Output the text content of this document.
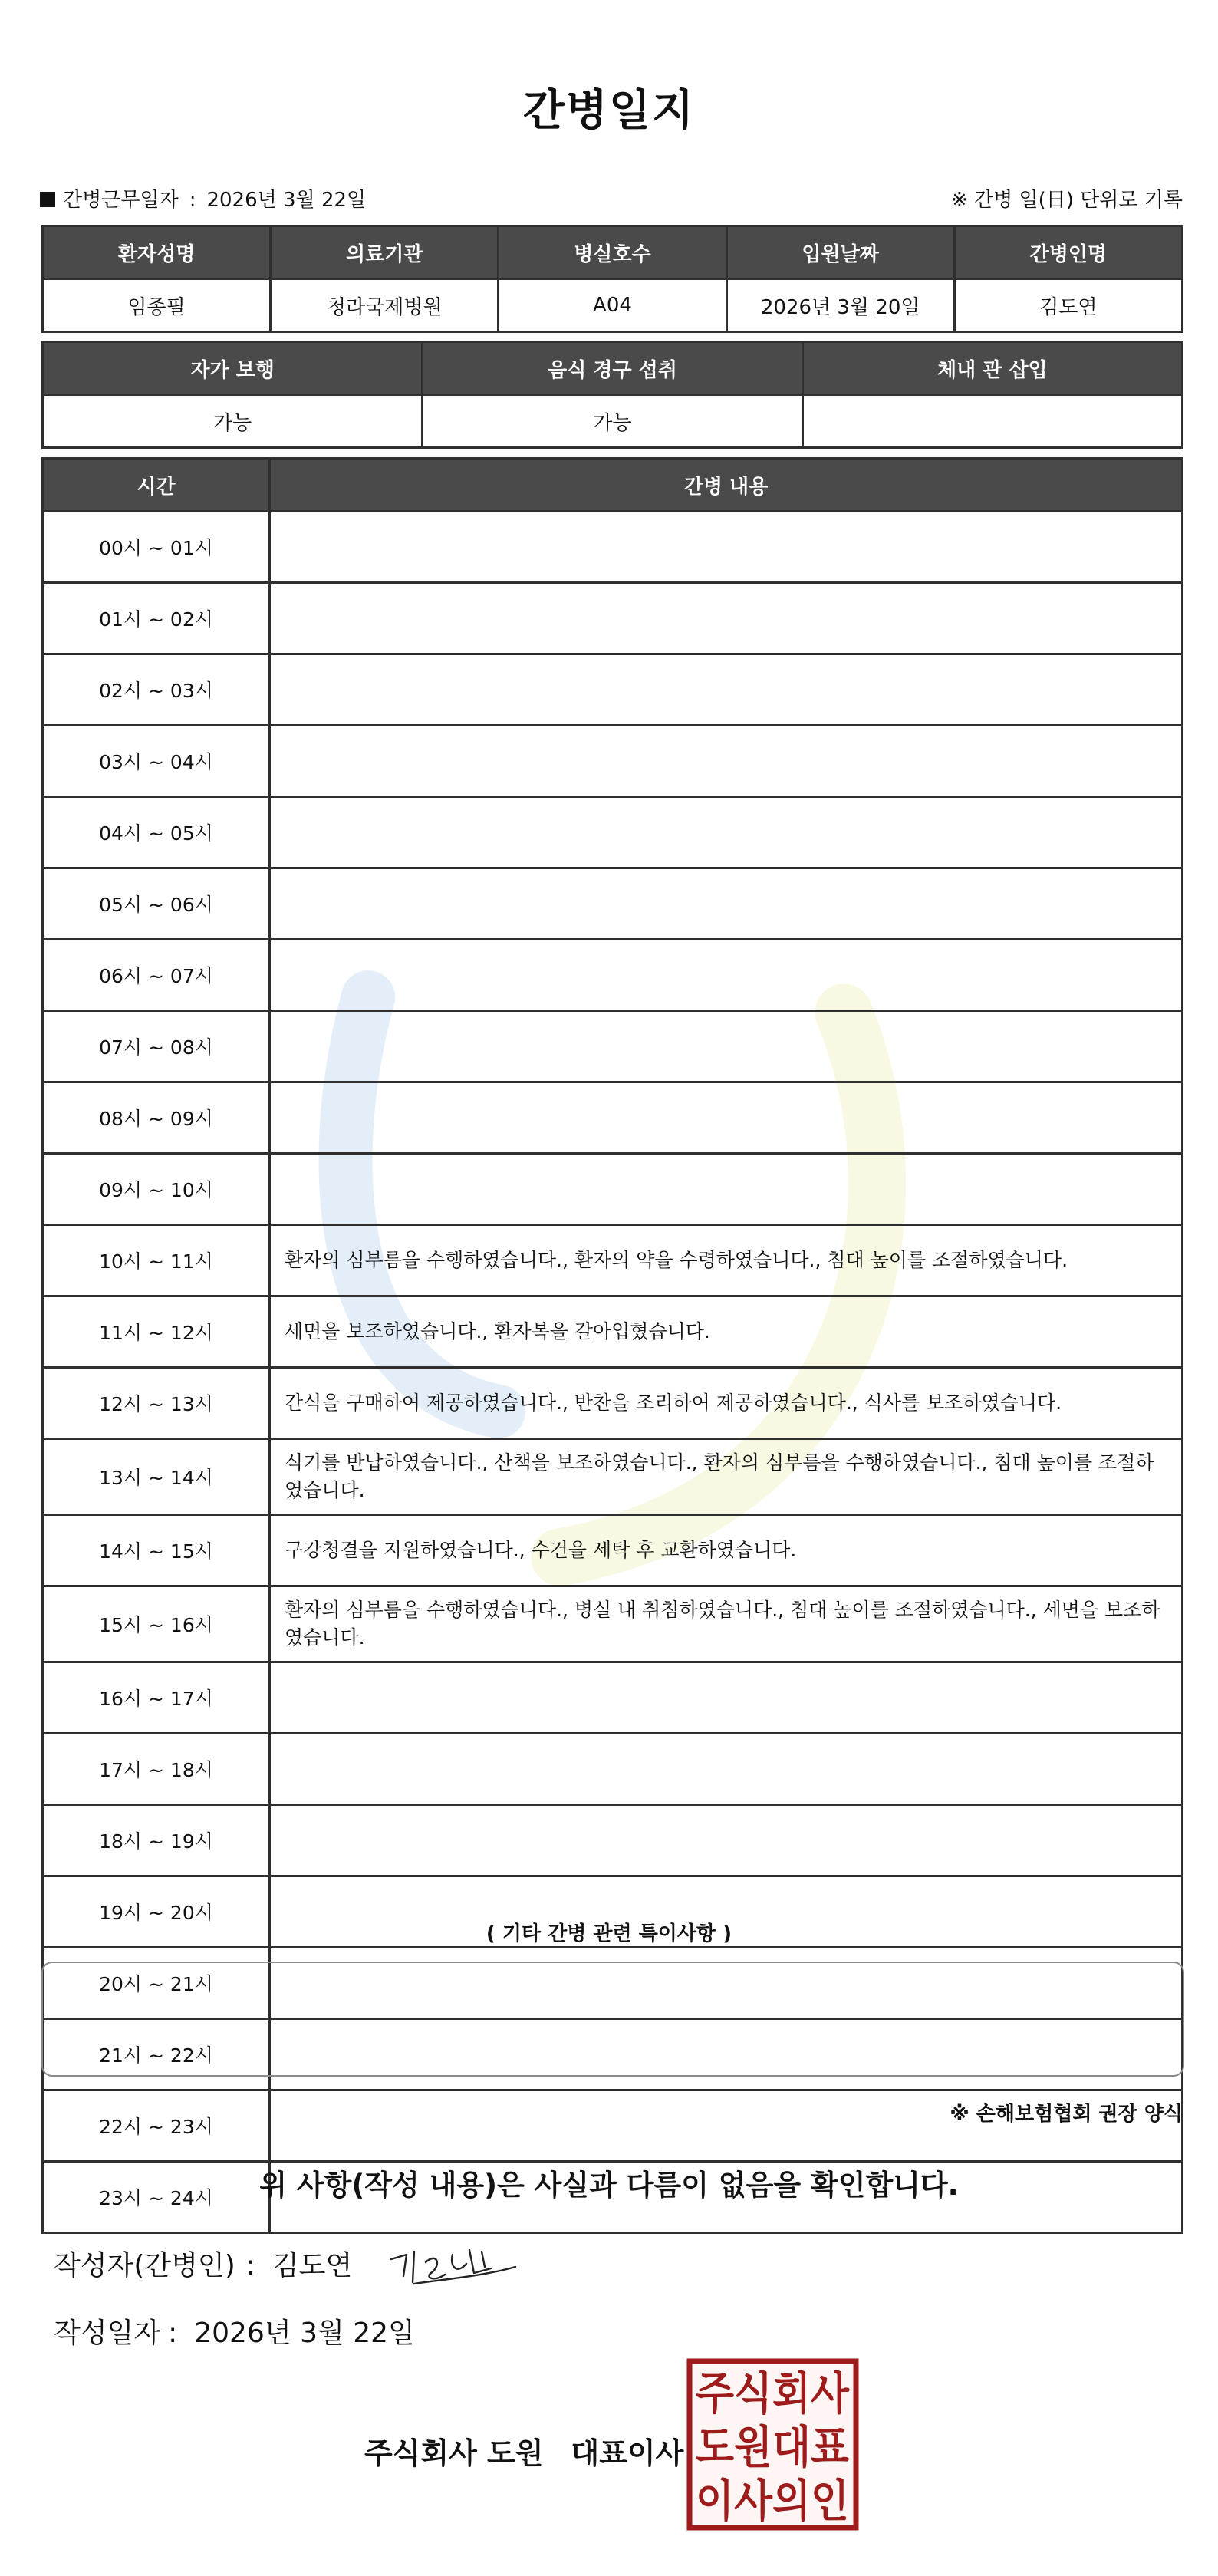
간병일지
간병근무일자 : 2026년 3월 22일	※ 간병 일(日) 단위로 기록
환자성명	의료기관	병실호수	입원날짜	간병인명
임종필	청라국제병원	A04	2026년 3월 20일	김도연
자가 보행	음식 경구 섭취	체내 관 삽입
가능	가능	
시간	간병 내용
00시 ~ 01시	
01시 ~ 02시	
02시 ~ 03시	
03시 ~ 04시	
04시 ~ 05시	
05시 ~ 06시	
06시 ~ 07시	
07시 ~ 08시	
08시 ~ 09시	
09시 ~ 10시	
10시 ~ 11시	환자의 심부름을 수행하였습니다., 환자의 약을 수령하였습니다., 침대 높이를 조절하였습니다.
11시 ~ 12시	세면을 보조하였습니다., 환자복을 갈아입혔습니다.
12시 ~ 13시	간식을 구매하여 제공하였습니다., 반찬을 조리하여 제공하였습니다., 식사를 보조하였습니다.
13시 ~ 14시	식기를 반납하였습니다., 산책을 보조하였습니다., 환자의 심부름을 수행하였습니다., 침대 높이를 조절하였습니다.
14시 ~ 15시	구강청결을 지원하였습니다., 수건을 세탁 후 교환하였습니다.
15시 ~ 16시	환자의 심부름을 수행하였습니다., 병실 내 취침하였습니다., 침대 높이를 조절하였습니다., 세면을 보조하였습니다.
16시 ~ 17시	
17시 ~ 18시	
18시 ~ 19시	
19시 ~ 20시	
20시 ~ 21시	
21시 ~ 22시	
22시 ~ 23시	
23시 ~ 24시	
( 기타 간병 관련 특이사항 )
※ 손해보험협회 권장 양식
위 사항(작성 내용)은 사실과 다름이 없음을 확인합니다.
작성자(간병인) : 김도연
작성일자 : 2026년 3월 22일
주식회사 도원 대표이사
주식회사
도원대표
이사의인
